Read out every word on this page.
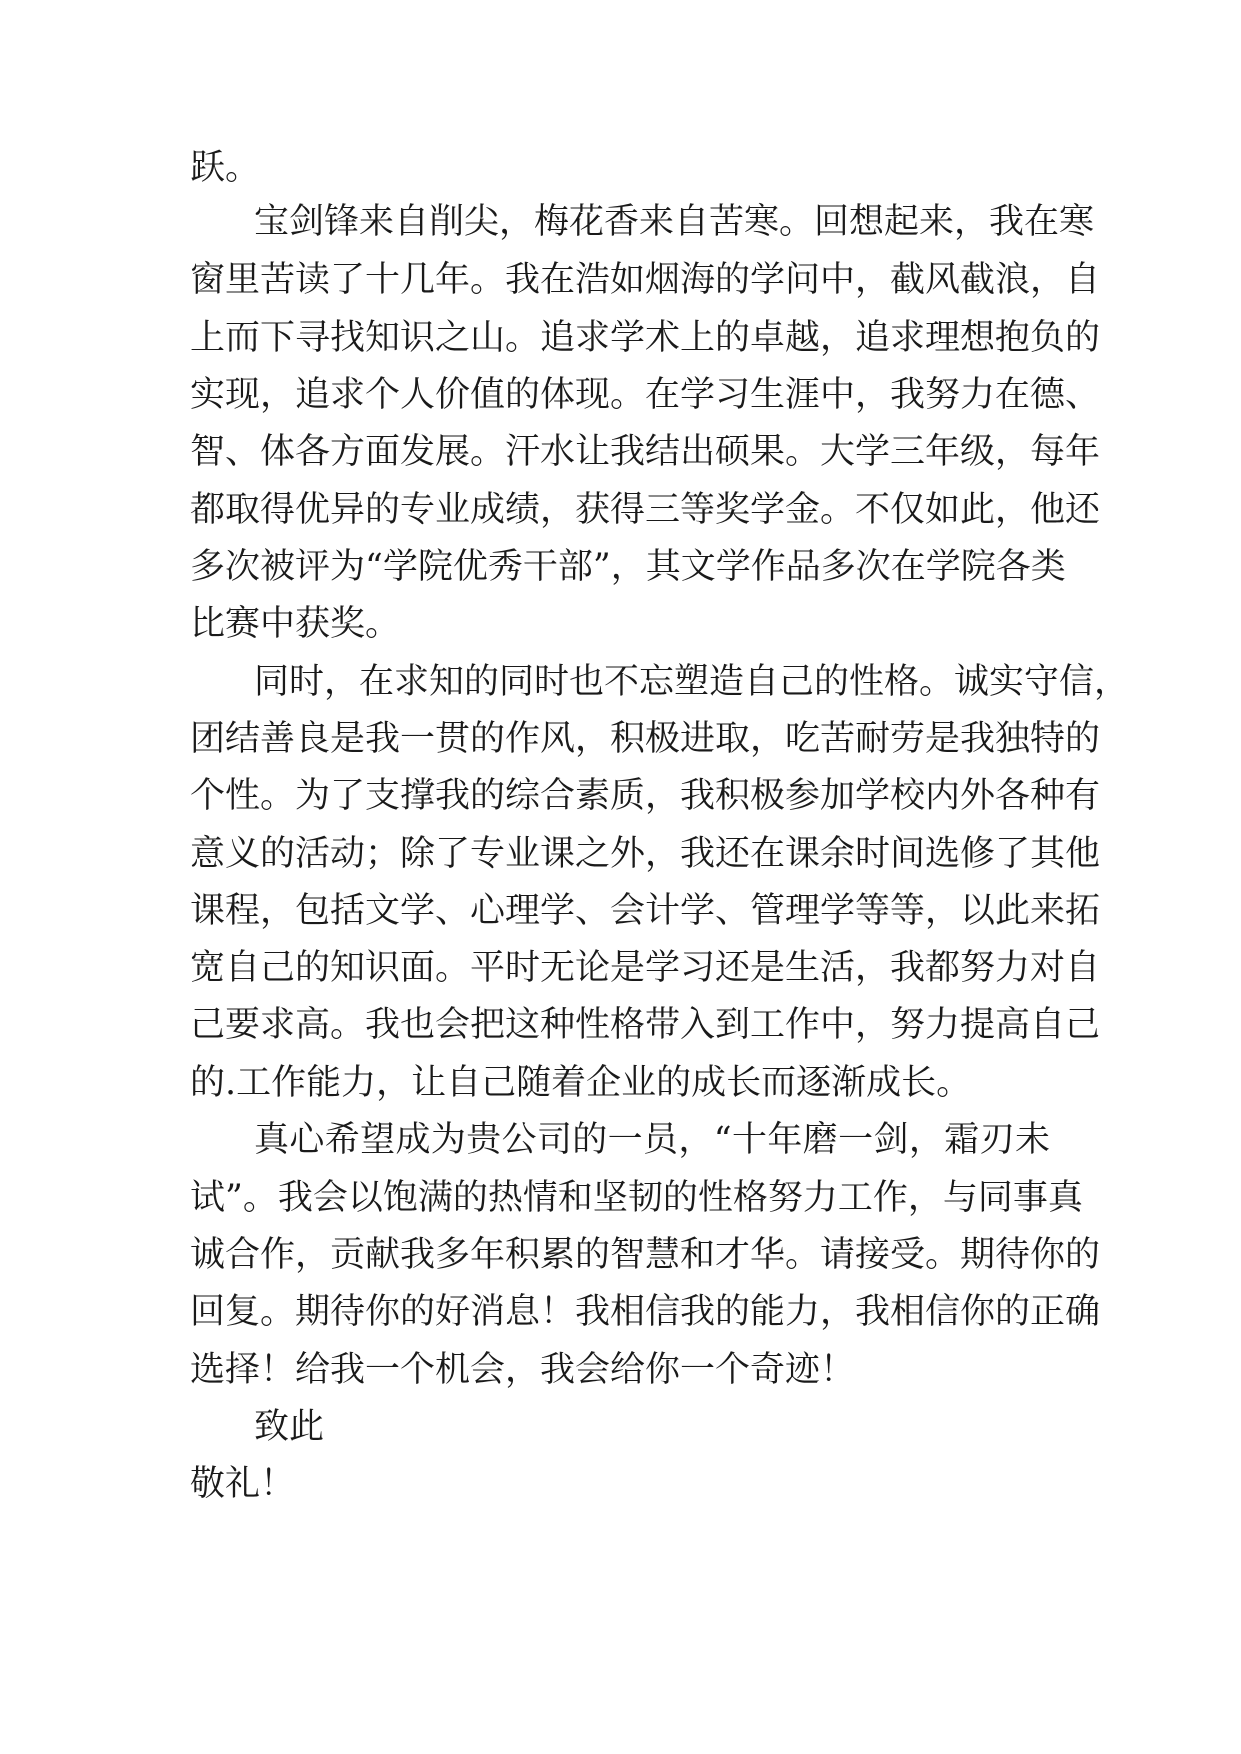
跃。

宝剑锋来自削尖，梅花香来自苦寒。回想起来，我在寒

窗里苦读了十几年。我在浩如烟海的学问中，截风截浪，自

上而下寻找知识之山。追求学术上的卓越，追求理想抱负的

实现，追求个人价值的体现。在学习生涯中，我努力在德、

智、体各方面发展。汗水让我结出硕果。大学三年级，每年

都取得优异的专业成绩，获得三等奖学金。不仅如此，他还

多次被评为“学院优秀干部”，其文学作品多次在学院各类

比赛中获奖。

同时，在求知的同时也不忘塑造自己的性格。诚实守信，

团结善良是我一贯的作风，积极进取，吃苦耐劳是我独特的

个性。为了支撑我的综合素质，我积极参加学校内外各种有

意义的活动；除了专业课之外，我还在课余时间选修了其他

课程，包括文学、心理学、会计学、管理学等等，以此来拓

宽自己的知识面。平时无论是学习还是生活，我都努力对自

己要求高。我也会把这种性格带入到工作中，努力提高自己

的.工作能力，让自己随着企业的成长而逐渐成长。

真心希望成为贵公司的一员，“十年磨一剑，霜刃未

试”。我会以饱满的热情和坚韧的性格努力工作，与同事真

诚合作，贡献我多年积累的智慧和才华。请接受。期待你的

回复。期待你的好消息！我相信我的能力，我相信你的正确

选择！给我一个机会，我会给你一个奇迹！

致此

敬礼！
